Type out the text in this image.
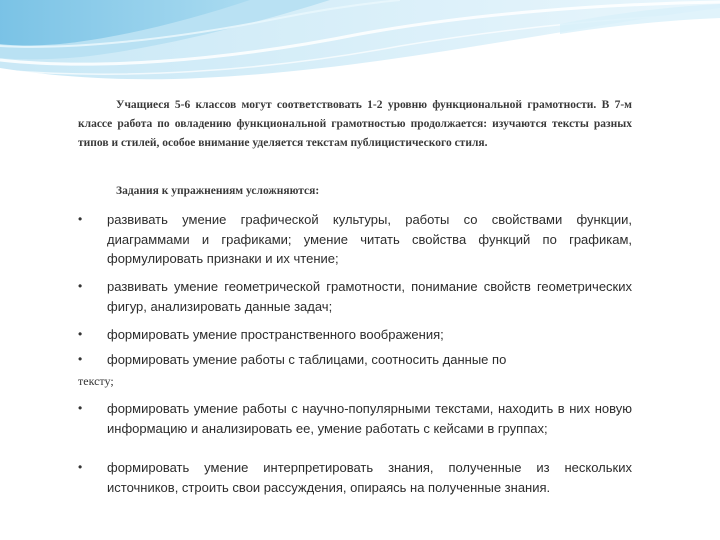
Учащиеся 5-6 классов могут соответствовать 1-2 уровню функциональной грамотности. В 7-м классе работа по овладению функциональной грамотностью продолжается: изучаются тексты разных типов и стилей, особое внимание уделяется текстам публицистического стиля.
Задания к упражнениям усложняются:
• развивать умение графической культуры, работы со свойствами функции, диаграммами и графиками; умение читать свойства функций по графикам, формулировать признаки и их чтение;
• развивать умение геометрической грамотности, понимание свойств геометрических фигур, анализировать данные задач;
• формировать умение пространственного воображения;
• формировать умение работы с таблицами, соотносить данные по
тексту;
• формировать умение работы с научно-популярными текстами, находить в них новую информацию и анализировать ее, умение работать с кейсами в группах;
• формировать умение интерпретировать знания, полученные из нескольких источников, строить свои рассуждения, опираясь на полученные знания.
